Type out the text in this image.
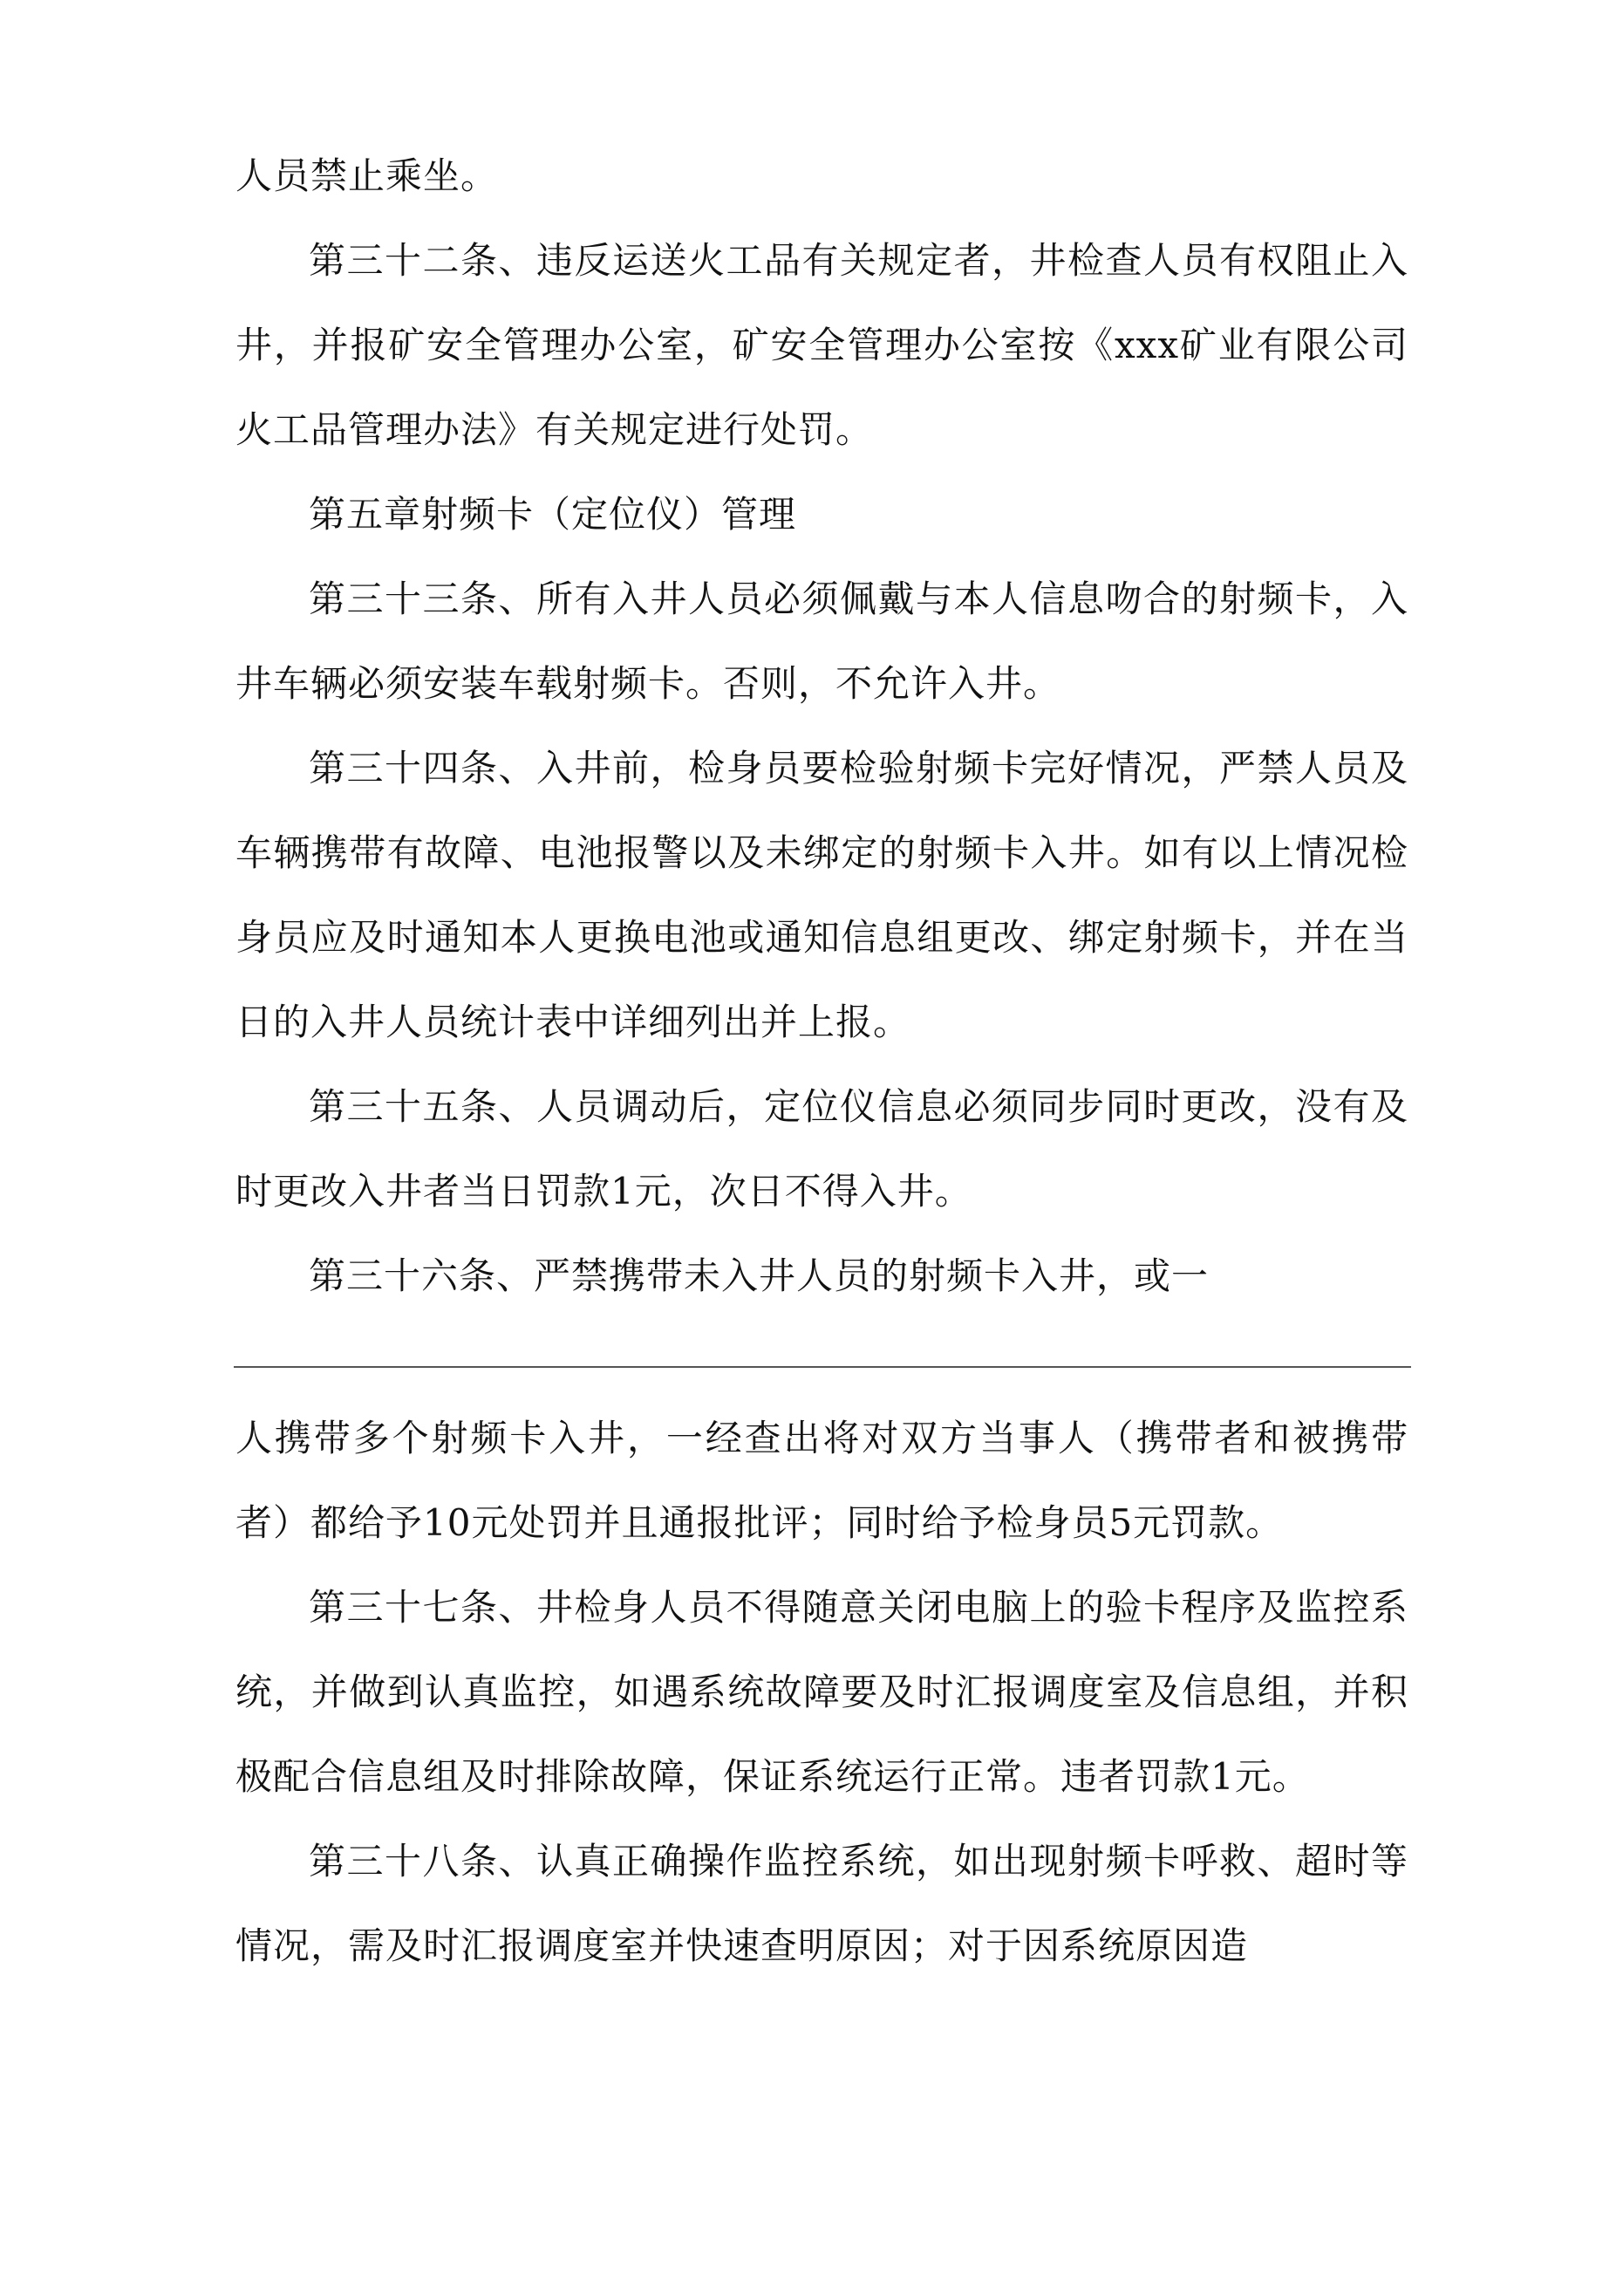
人员禁止乘坐。

第三十二条、违反运送火工品有关规定者，井检查人员有权阻止入井，并报矿安全管理办公室，矿安全管理办公室按《xxx矿业有限公司火工品管理办法》有关规定进行处罚。

第五章射频卡（定位仪）管理

第三十三条、所有入井人员必须佩戴与本人信息吻合的射频卡，入井车辆必须安装车载射频卡。否则，不允许入井。

第三十四条、入井前，检身员要检验射频卡完好情况，严禁人员及车辆携带有故障、电池报警以及未绑定的射频卡入井。如有以上情况检身员应及时通知本人更换电池或通知信息组更改、绑定射频卡，并在当日的入井人员统计表中详细列出并上报。

第三十五条、人员调动后，定位仪信息必须同步同时更改，没有及时更改入井者当日罚款1元，次日不得入井。

第三十六条、严禁携带未入井人员的射频卡入井，或一

人携带多个射频卡入井，一经查出将对双方当事人（携带者和被携带者）都给予10元处罚并且通报批评；同时给予检身员5元罚款。

第三十七条、井检身人员不得随意关闭电脑上的验卡程序及监控系统，并做到认真监控，如遇系统故障要及时汇报调度室及信息组，并积极配合信息组及时排除故障，保证系统运行正常。违者罚款1元。

第三十八条、认真正确操作监控系统，如出现射频卡呼救、超时等情况，需及时汇报调度室并快速查明原因；对于因系统原因造
